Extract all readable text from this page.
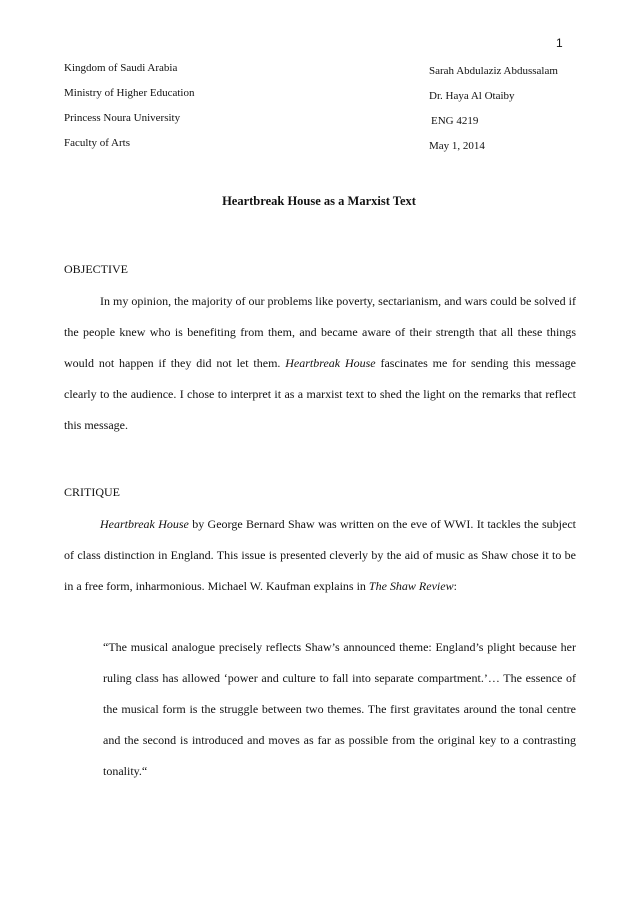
1
Kingdom of Saudi Arabia
Ministry of Higher Education
Princess Noura University
Faculty of Arts
Sarah Abdulaziz Abdussalam
Dr. Haya Al Otaiby
ENG 4219
May 1, 2014
Heartbreak House as a Marxist Text
OBJECTIVE
In my opinion, the majority of our problems like poverty, sectarianism, and wars could be solved if the people knew who is benefiting from them, and became aware of their strength that all these things would not happen if they did not let them. Heartbreak House fascinates me for sending this message clearly to the audience. I chose to interpret it as a marxist text to shed the light on the remarks that reflect this message.
CRITIQUE
Heartbreak House by George Bernard Shaw was written on the eve of WWI. It tackles the subject of class distinction in England. This issue is presented cleverly by the aid of music as Shaw chose it to be in a free form, inharmonious. Michael W. Kaufman explains in The Shaw Review:
“The musical analogue precisely reflects Shaw’s announced theme: England’s plight because her ruling class has allowed ‘power and culture to fall into separate compartment.’… The essence of the musical form is the struggle between two themes. The first gravitates around the tonal centre and the second is introduced and moves as far as possible from the original key to a contrasting tonality.“
